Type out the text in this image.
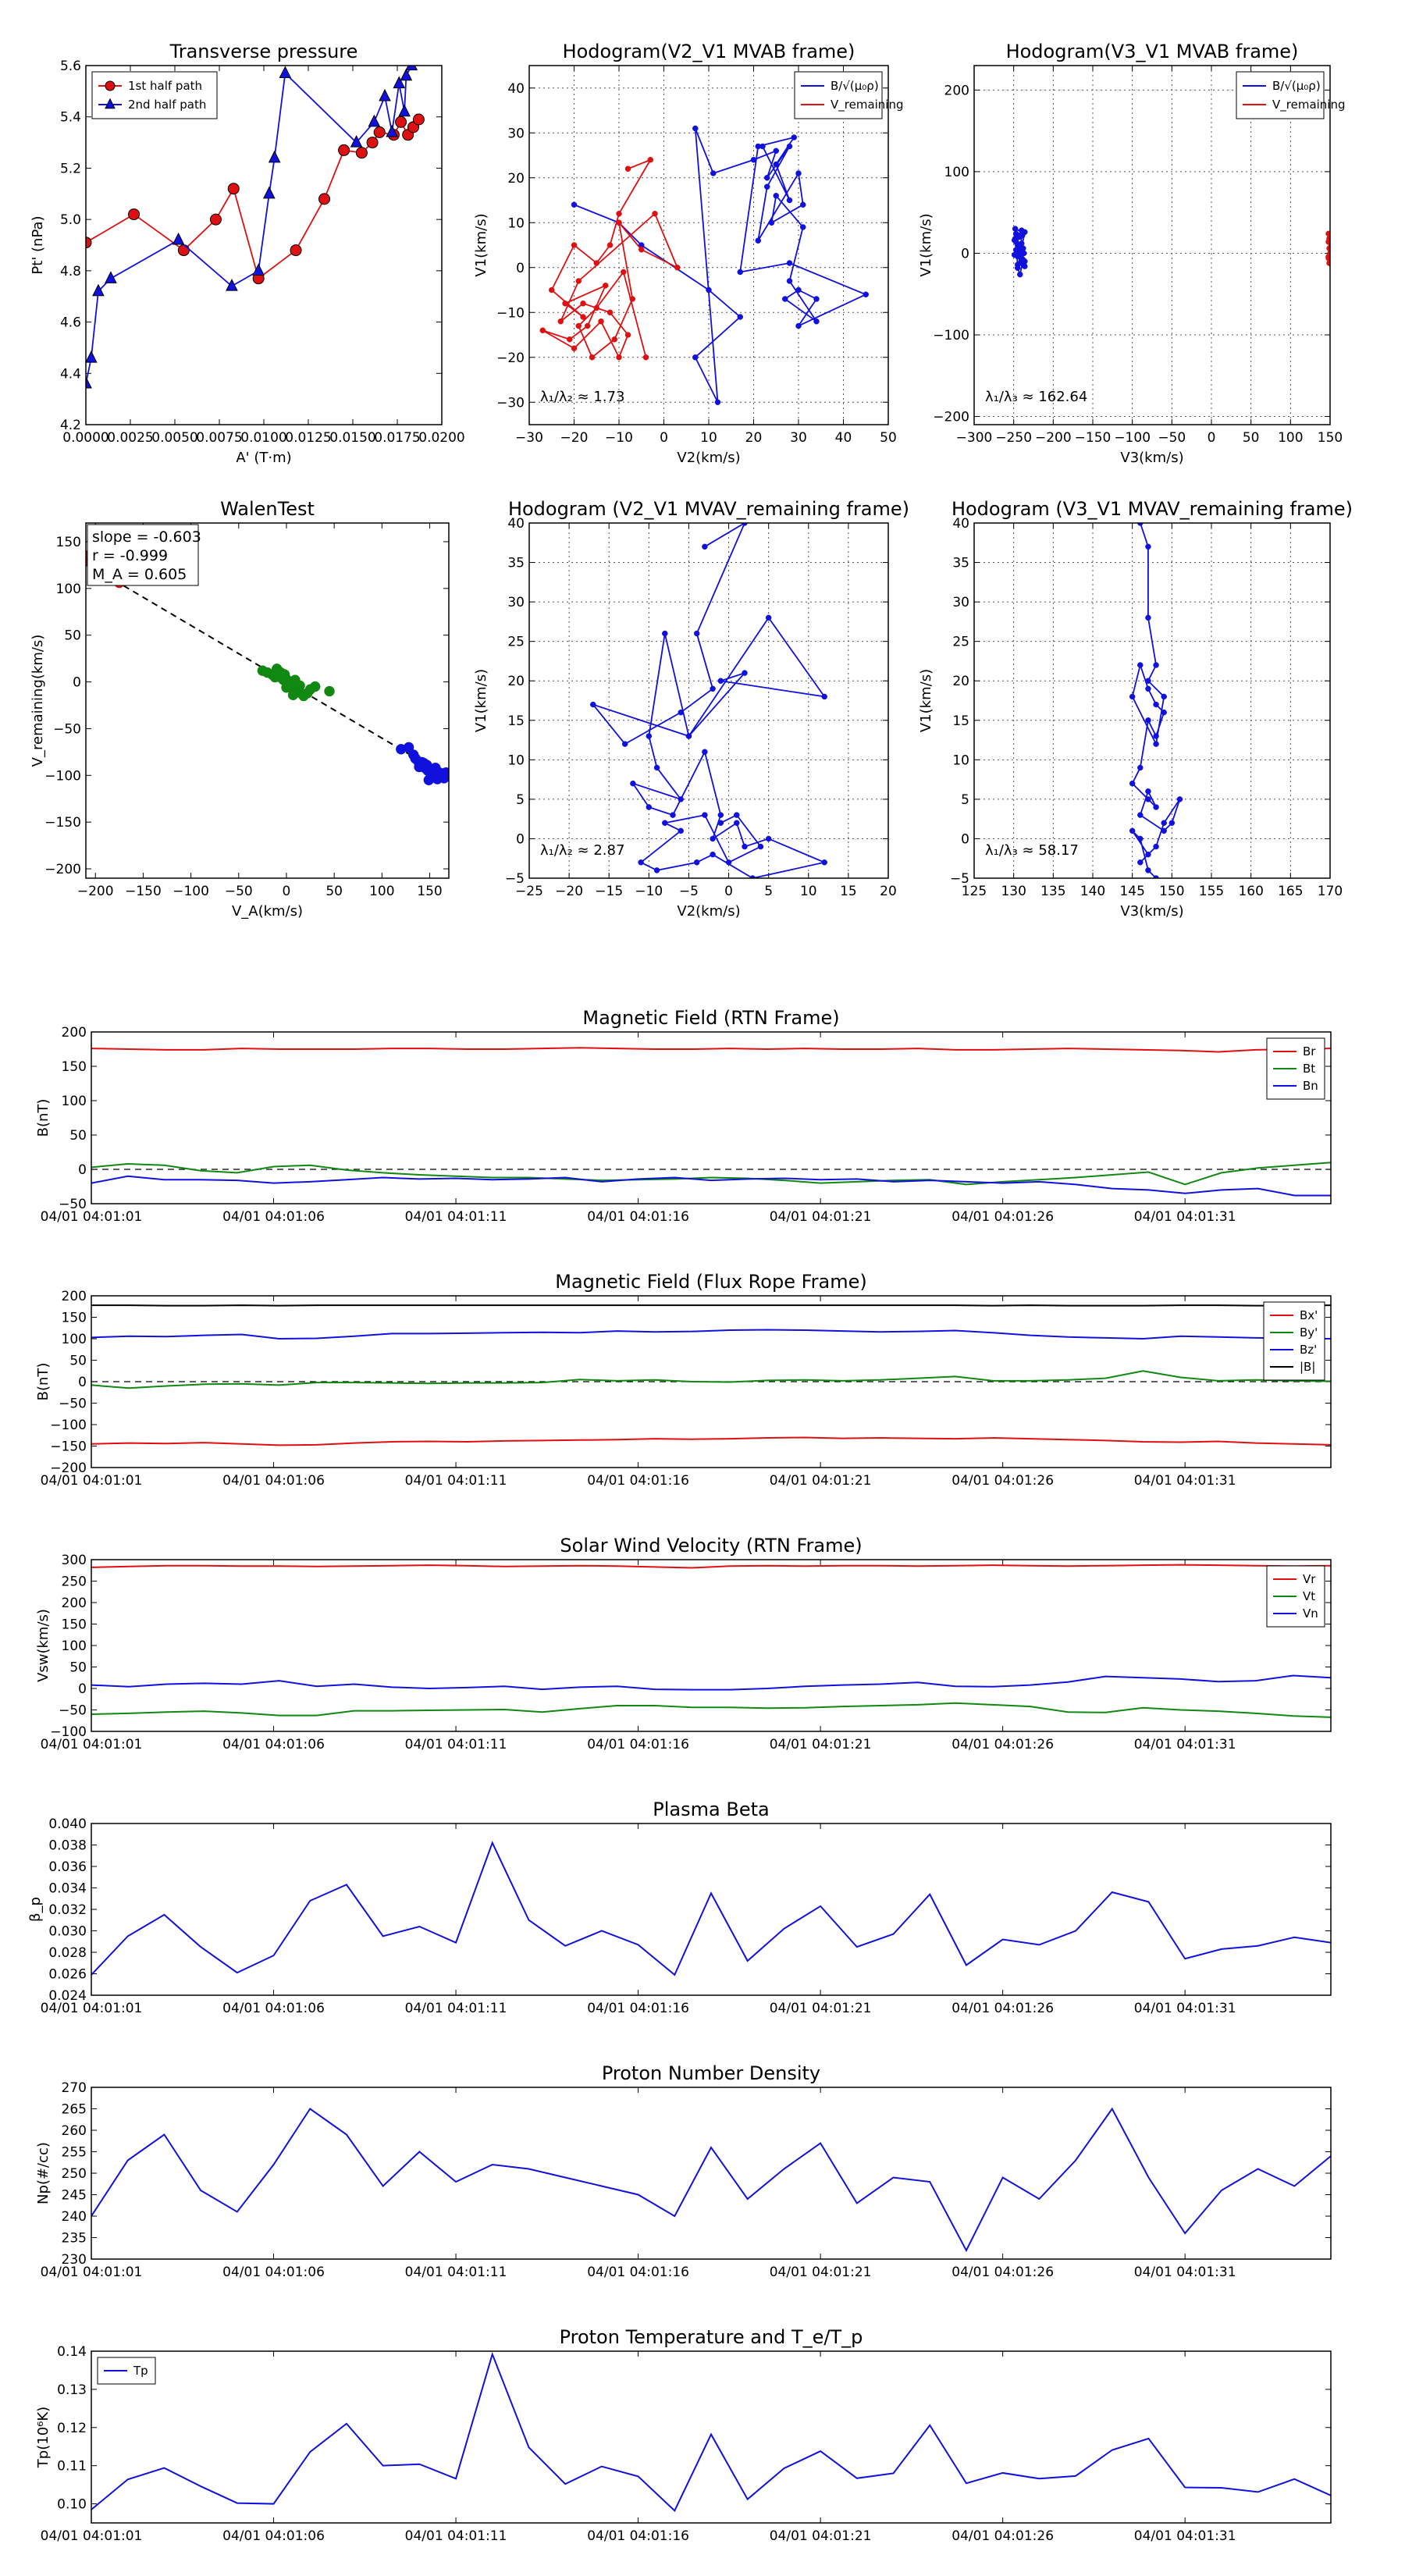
0.0000
0.0025
0.0050
0.0075
0.0100
0.0125
0.0150
0.0175
0.0200
4.2
4.4
4.6
4.8
5.0
5.2
5.4
5.6
Transverse pressure
A' (T·m)
Pt' (nPa)
1st half path
2nd half path
−30 −20 −10 0 10 20 30 40 50
−30
−20
−10
0
10
20
30
40
Hodogram(V2_V1 MVAB frame)
V2(km/s)
V1(km/s)
B/√(μ₀ρ)
V_remaining
λ₁/λ₂ ≈ 1.73
−300 −250 −200 −150 −100 −50 0 50 100 150
−200
−100
0
100
200
Hodogram(V3_V1 MVAB frame)
V3(km/s)
V1(km/s)
B/√(μ₀ρ)
V_remaining
λ₁/λ₃ ≈ 162.64
−200 −150 −100 −50 0	50 100 150
−200
−150
−100
−50
0
50
100
150
WalenTest
V_A(km/s)
V_remaining(km/s)
slope = -0.603
r = -0.999
M_A = 0.605
−25 −20 −15 −10 −5 0 5 10 15 20
−5
0
5
10
15
20
25
30
35
40
Hodogram (V2_V1 MVAV_remaining frame)
V2(km/s)
V1(km/s)
λ₁/λ₂ ≈ 2.87
125 130 135 140 145 150 155 160 165 170
−5
0
5
10
15
20
25
30
35
40
Hodogram (V3_V1 MVAV_remaining frame)
V3(km/s)
V1(km/s)
λ₁/λ₃ ≈ 58.17
04/01 04:01:01	04/01 04:01:06	04/01 04:01:11	04/01 04:01:16	04/01 04:01:21	04/01 04:01:26	04/01 04:01:31
−50
0
50
100
150
200
Magnetic Field (RTN Frame)
B(nT)
Br
Bt
Bn
04/01 04:01:01	04/01 04:01:06	04/01 04:01:11	04/01 04:01:16	04/01 04:01:21	04/01 04:01:26	04/01 04:01:31
−200
−150
−100
−50
0
50
100
150
200
Magnetic Field (Flux Rope Frame)
B(nT)
Bx'
By'
Bz'
|B|
04/01 04:01:01	04/01 04:01:06	04/01 04:01:11	04/01 04:01:16	04/01 04:01:21	04/01 04:01:26	04/01 04:01:31
−100
−50
0
50
100
150
200
250
300
Solar Wind Velocity (RTN Frame)
Vsw(km/s)
Vr
Vt
Vn
04/01 04:01:01	04/01 04:01:06	04/01 04:01:11	04/01 04:01:16	04/01 04:01:21	04/01 04:01:26	04/01 04:01:31
0.024
0.026
0.028
0.030
0.032
0.034
0.036
0.038
0.040
Plasma Beta
β_p
04/01 04:01:01	04/01 04:01:06	04/01 04:01:11	04/01 04:01:16	04/01 04:01:21	04/01 04:01:26	04/01 04:01:31
230
235
240
245
250
255
260
265
270
Proton Number Density
Np(#/cc)
04/01 04:01:01	04/01 04:01:06	04/01 04:01:11	04/01 04:01:16	04/01 04:01:21	04/01 04:01:26	04/01 04:01:31
0.10
0.11
0.12
0.13
0.14
Proton Temperature and T_e/T_p
Tp(10⁶K)
Tp
